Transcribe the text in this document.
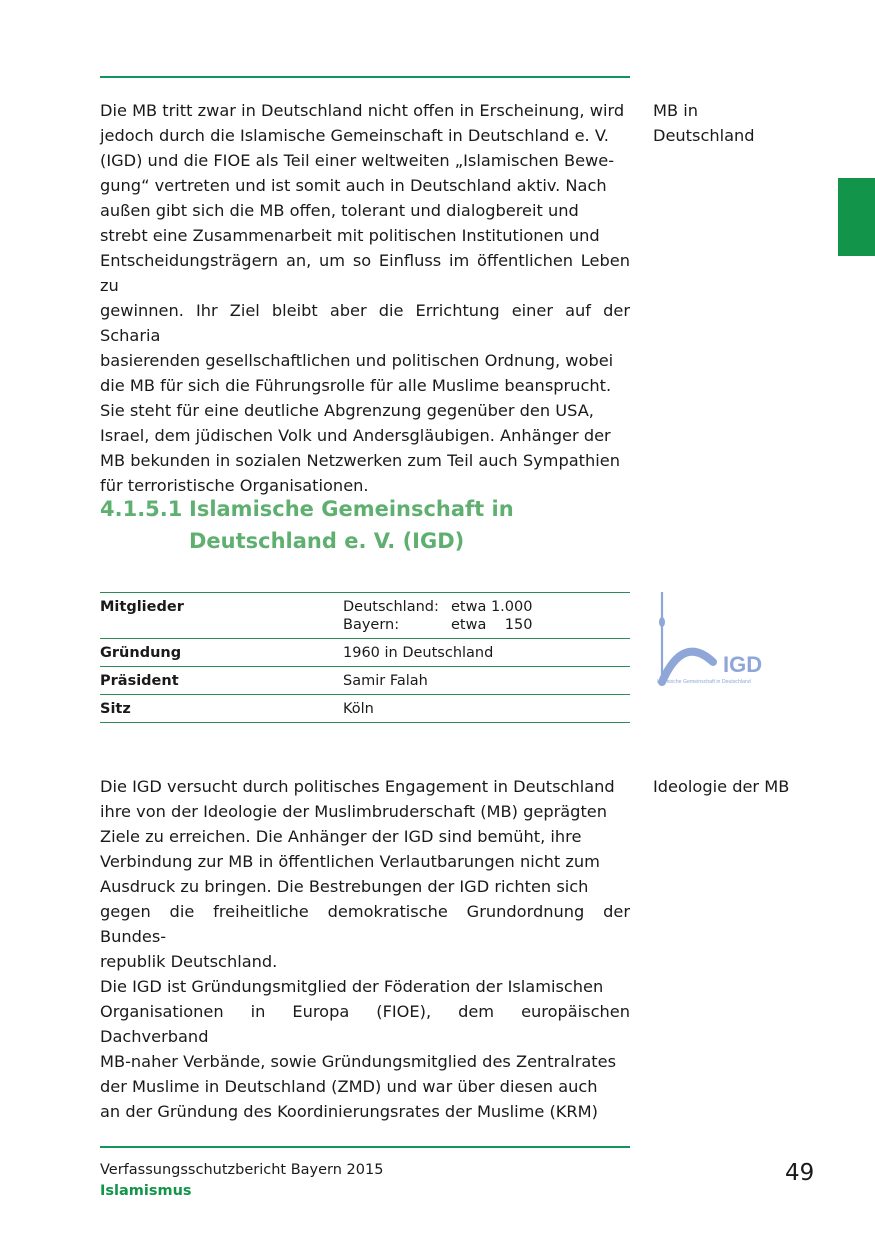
Die MB tritt zwar in Deutschland nicht offen in Erscheinung, wird
jedoch durch die Islamische Gemeinschaft in Deutschland e. V.
(IGD) und die FIOE als Teil einer weltweiten „Islamischen Bewe-
gung“ vertreten und ist somit auch in Deutschland aktiv. Nach
außen gibt sich die MB offen, tolerant und dialogbereit und
strebt eine Zusammenarbeit mit politischen Institutionen und
Entscheidungsträgern an, um so Einfluss im öffentlichen Leben zu
gewinnen. Ihr Ziel bleibt aber die Errichtung einer auf der Scharia
basierenden gesellschaftlichen und politischen Ordnung, wobei
die MB für sich die Führungsrolle für alle Muslime beansprucht.
Sie steht für eine deutliche Abgrenzung gegenüber den USA,
Israel, dem jüdischen Volk und Andersgläubigen. Anhänger der
MB bekunden in sozialen Netzwerken zum Teil auch Sympathien
für terroristische Organisationen.

MB in
Deutschland

4.1.5.1 Islamische Gemeinschaft in
Deutschland e. V. (IGD)
Mitglieder	Deutschland: etwa 1.000
Bayern: etwa    150

Gründung	1960 in Deutschland
Präsident	Samir Falah
Sitz	Köln
IGD
Islamische Gemeinschaft in Deutschland

Die IGD versucht durch politisches Engagement in Deutschland
ihre von der Ideologie der Muslimbruderschaft (MB) geprägten
Ziele zu erreichen. Die Anhänger der IGD sind bemüht, ihre
Verbindung zur MB in öffentlichen Verlautbarungen nicht zum
Ausdruck zu bringen. Die Bestrebungen der IGD richten sich
gegen die freiheitliche demokratische Grundordnung der Bundes-
republik Deutschland.

Ideologie der MB

Die IGD ist Gründungsmitglied der Föderation der Islamischen
Organisationen in Europa (FIOE), dem europäischen Dachverband
MB-naher Verbände, sowie Gründungsmitglied des Zentralrates
der Muslime in Deutschland (ZMD) und war über diesen auch
an der Gründung des Koordinierungsrates der Muslime (KRM)

Verfassungsschutzbericht Bayern 2015
Islamismus
49
